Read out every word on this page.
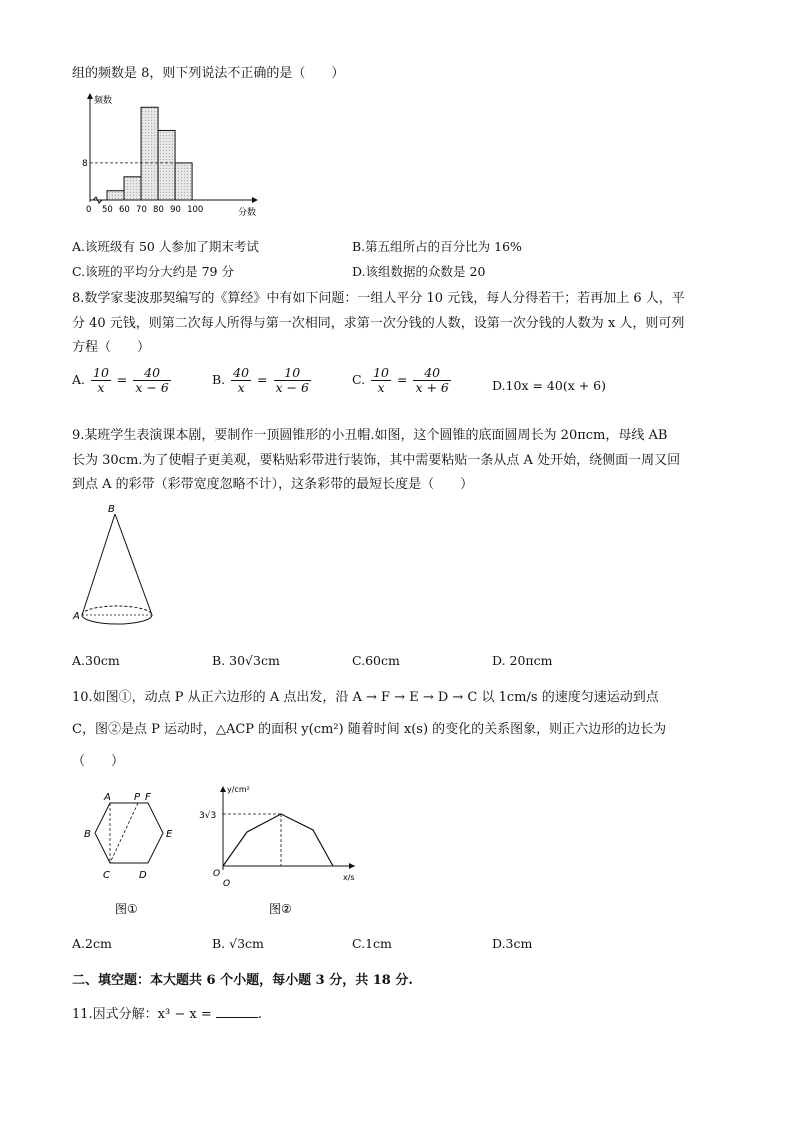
组的频数是 8，则下列说法不正确的是（　　）
8
频数
0 50 60 70 80 90 100	分数
A.该班级有 50 人参加了期末考试	B.第五组所占的百分比为 16%
C.该班的平均分大约是 79 分	D.该组数据的众数是 20
8.数学家斐波那契编写的《算经》中有如下问题：一组人平分 10 元钱，每人分得若干；若再加上 6 人，平
分 40 元钱，则第二次每人所得与第一次相同，求第一次分钱的人数，设第一次分钱的人数为 x 人，则可列
方程（　　）
A. $\frac{10}{x} = \frac{40}{x - 6}$	B. $\frac{40}{x} = \frac{10}{x - 6}$	C. $\frac{10}{x} = \frac{40}{x + 6}$	D.10x = 40(x + 6)
9.某班学生表演课本剧，要制作一顶圆锥形的小丑帽.如图，这个圆锥的底面圆周长为 20πcm，母线 AB
长为 30cm.为了使帽子更美观，要粘贴彩带进行装饰，其中需要粘贴一条从点 A 处开始，绕侧面一周又回
到点 A 的彩带（彩带宽度忽略不计），这条彩带的最短长度是（　　）
B
A
A.30cm	B. 30√3cm	C.60cm	D. 20πcm
10.如图①，动点 P 从正六边形的 A 点出发，沿 A → F → E → D → C 以 1cm/s 的速度匀速运动到点
C，图②是点 P 运动时，△ACP 的面积 y(cm²) 随着时间 x(s) 的变化的关系图象，则正六边形的边长为
（　　）
A P F
B	E
C	D
图①
y/cm²
x/s
3√3
O
O
图②
A.2cm	B. √3cm	C.1cm	D.3cm
二、填空题：本大题共 6 个小题，每小题 3 分，共 18 分.
11.因式分解：x³ − x =	.
